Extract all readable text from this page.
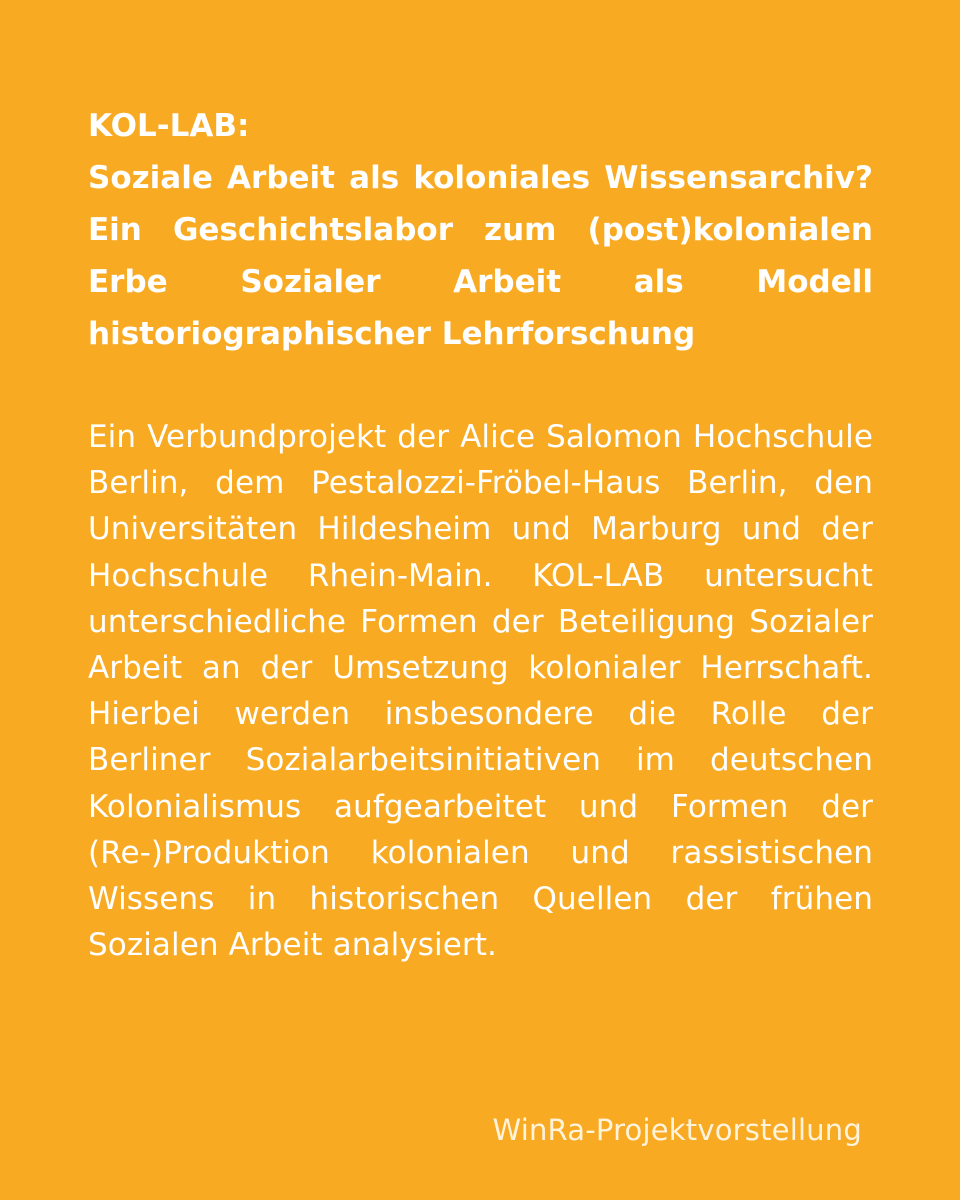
KOL-LAB:
Soziale Arbeit als koloniales Wissensarchiv? Ein Geschichtslabor zum (post)kolonialen Erbe Sozialer Arbeit als Modell historiographischer Lehrforschung

Ein Verbundprojekt der Alice Salomon Hochschule Berlin, dem Pestalozzi-Fröbel-Haus Berlin, den Universitäten Hildesheim und Marburg und der Hochschule Rhein-Main. KOL-LAB untersucht unterschiedliche Formen der Beteiligung Sozialer Arbeit an der Umsetzung kolonialer Herrschaft. Hierbei werden insbesondere die Rolle der Berliner Sozialarbeitsinitiativen im deutschen Kolonialismus aufgearbeitet und Formen der (Re-)Produktion kolonialen und rassistischen Wissens in historischen Quellen der frühen Sozialen Arbeit analysiert.

WinRa-Projektvorstellung
